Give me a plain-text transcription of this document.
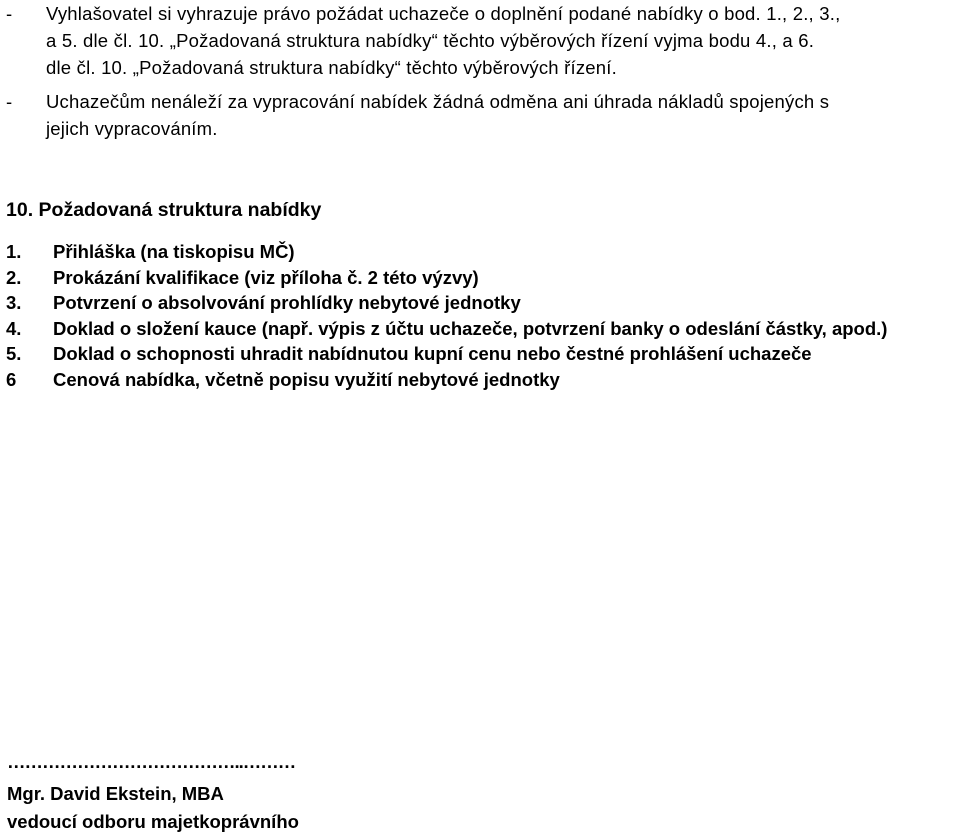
-	Vyhlašovatel si vyhrazuje právo požádat uchazeče o doplnění podané nabídky o bod. 1., 2., 3.,
a 5. dle čl. 10. „Požadovaná struktura nabídky“ těchto výběrových řízení vyjma bodu 4., a 6.
dle čl. 10. „Požadovaná struktura nabídky“ těchto výběrových řízení.
-	Uchazečům nenáleží za vypracování nabídek žádná odměna ani úhrada nákladů spojených s
jejich vypracováním.
10. Požadovaná struktura nabídky
1. Přihláška (na tiskopisu MČ)
2. Prokázání kvalifikace (viz příloha č. 2 této výzvy)
3. Potvrzení o absolvování prohlídky nebytové jednotky
4. Doklad o složení kauce (např. výpis z účtu uchazeče, potvrzení banky o odeslání částky, apod.)
5. Doklad o schopnosti uhradit nabídnutou kupní cenu nebo čestné prohlášení uchazeče
6 Cenová nabídka, včetně popisu využití nebytové jednotky
…………………………………..………
Mgr. David Ekstein, MBA
vedoucí odboru majetkoprávního
